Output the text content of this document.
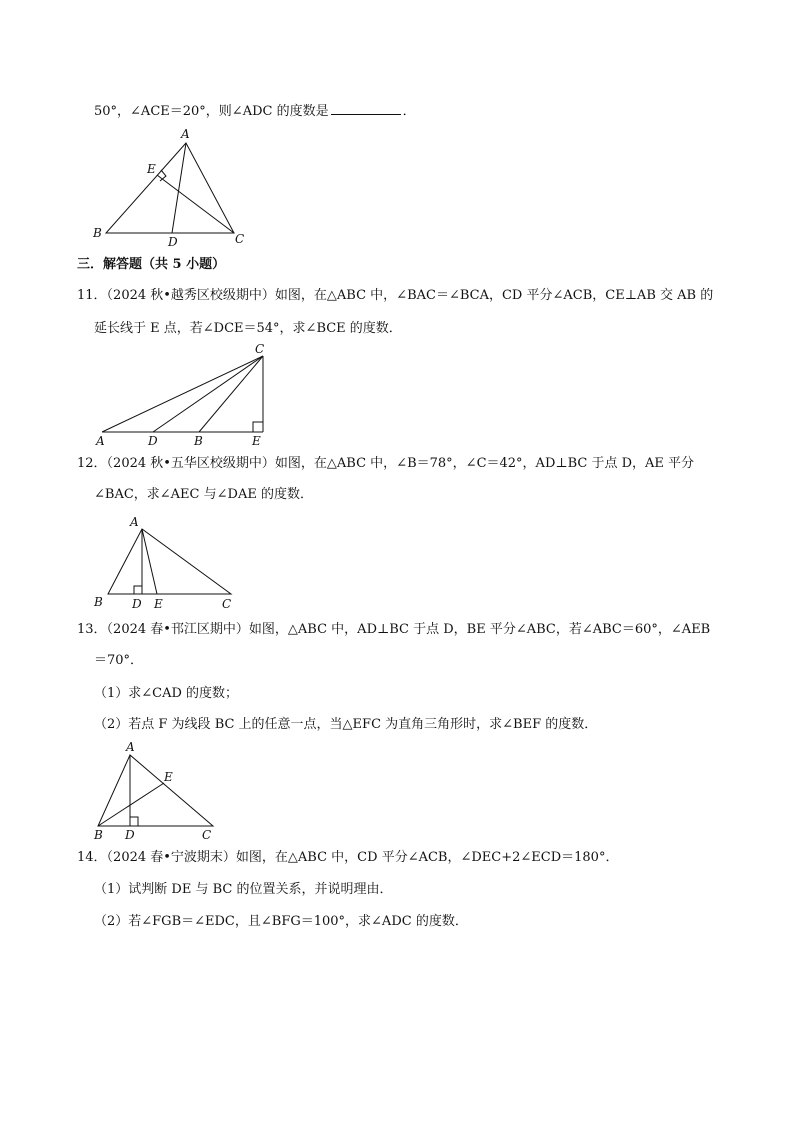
50°，∠ACE＝20°，则∠ADC 的度数是	．
A
B	C
D
E
三．解答题（共 5 小题）
11．（2024 秋•越秀区校级期中）如图，在△ABC 中，∠BAC＝∠BCA，CD 平分∠ACB，CE⊥AB 交 AB 的
延长线于 E 点，若∠DCE＝54°，求∠BCE 的度数．
C
A	D	B	E
12．（2024 秋•五华区校级期中）如图，在△ABC 中，∠B＝78°，∠C＝42°，AD⊥BC 于点 D，AE 平分
∠BAC，求∠AEC 与∠DAE 的度数．
A
B D E	C
13．（2024 春•邗江区期中）如图，△ABC 中，AD⊥BC 于点 D，BE 平分∠ABC，若∠ABC＝60°，∠AEB
＝70°．
（1）求∠CAD 的度数；
（2）若点 F 为线段 BC 上的任意一点，当△EFC 为直角三角形时，求∠BEF 的度数．
A
E
B D	C
14．（2024 春•宁波期末）如图，在△ABC 中，CD 平分∠ACB，∠DEC+2∠ECD＝180°．
（1）试判断 DE 与 BC 的位置关系，并说明理由．
（2）若∠FGB＝∠EDC，且∠BFG＝100°，求∠ADC 的度数．
